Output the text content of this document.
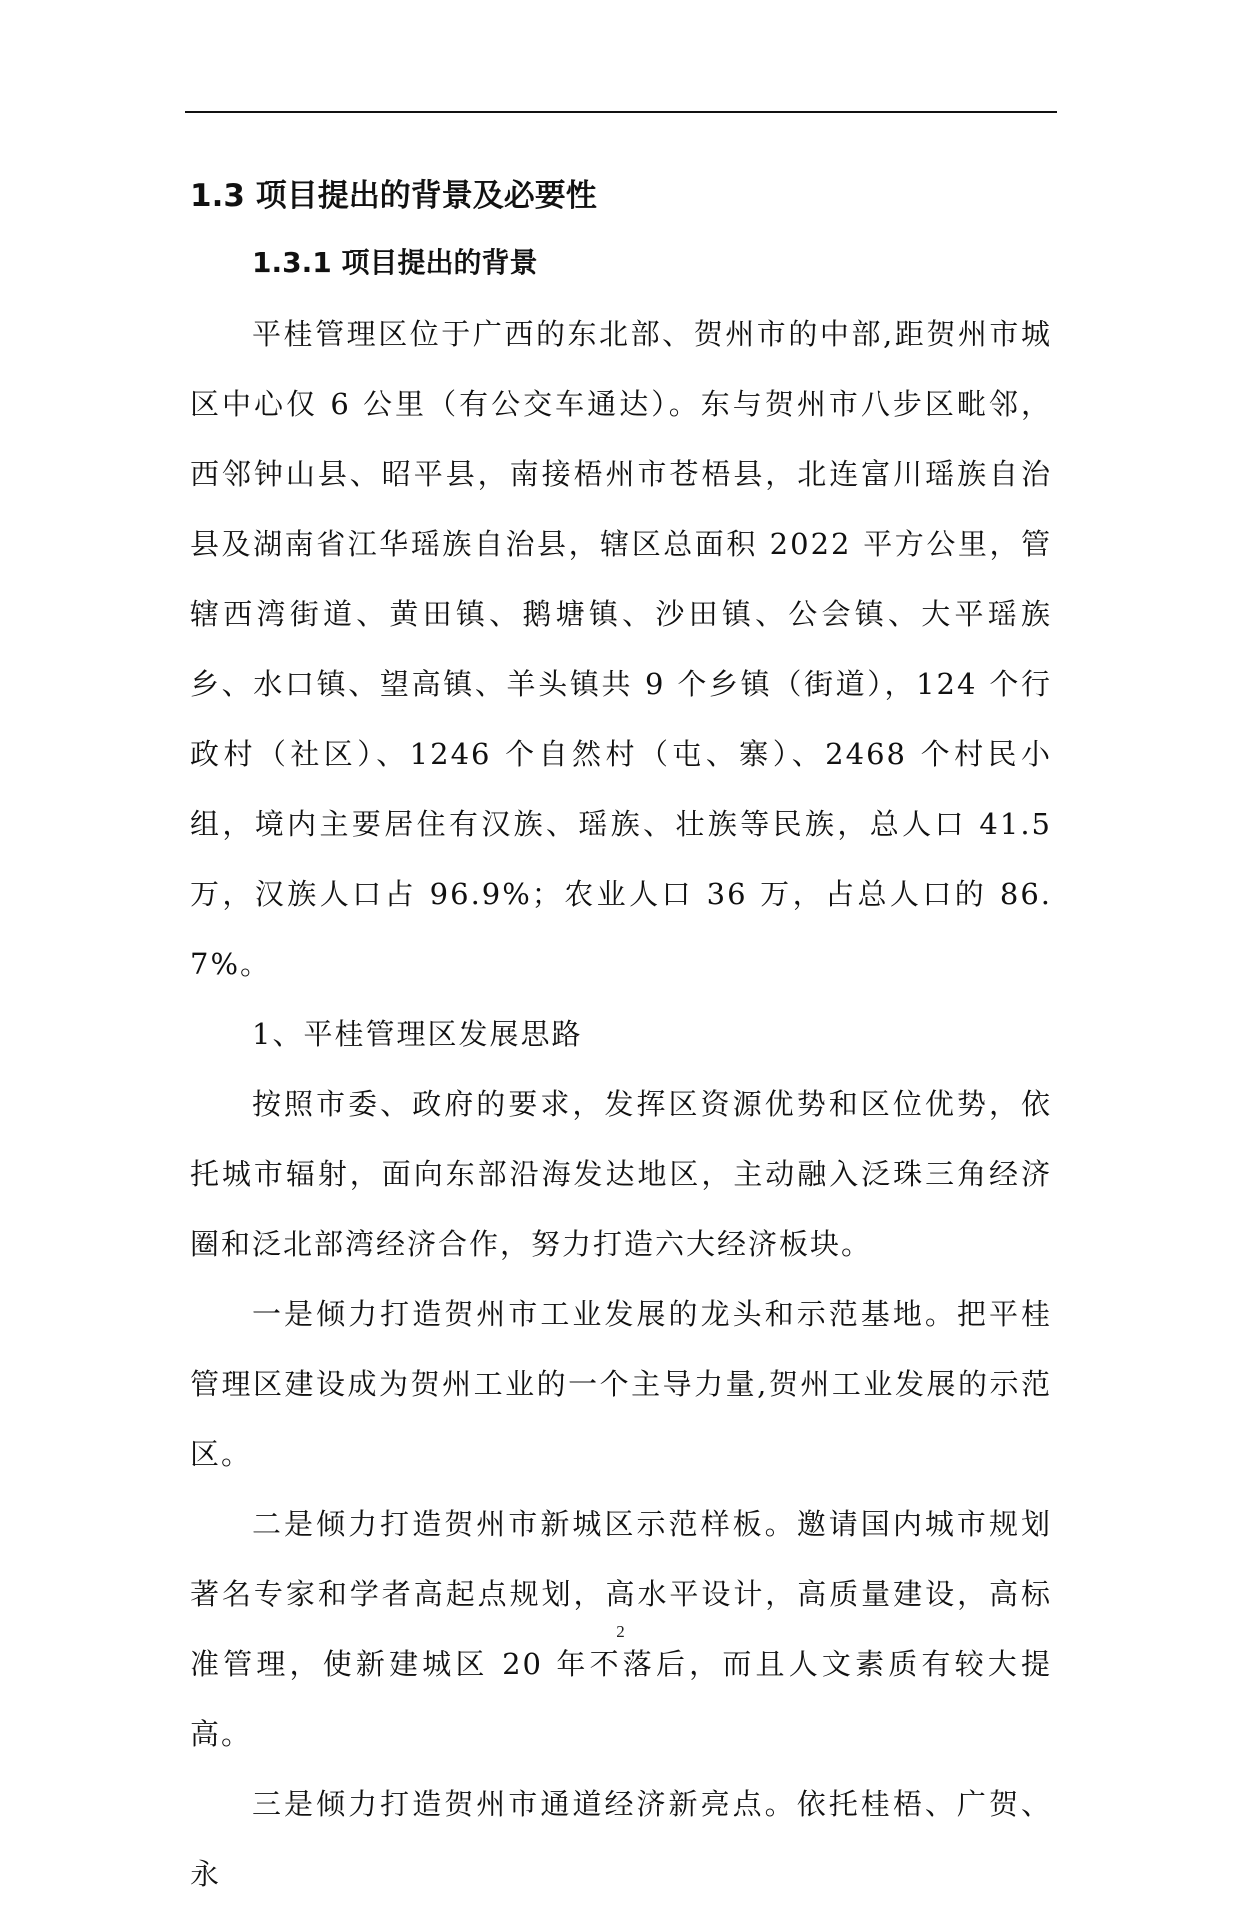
1.3 项目提出的背景及必要性
1.3.1 项目提出的背景

平桂管理区位于广西的东北部、贺州市的中部,距贺州市城区中心仅 6 公里（有公交车通达）。东与贺州市八步区毗邻，西邻钟山县、昭平县，南接梧州市苍梧县，北连富川瑶族自治县及湖南省江华瑶族自治县，辖区总面积 2022 平方公里，管辖西湾街道、黄田镇、鹅塘镇、沙田镇、公会镇、大平瑶族乡、水口镇、望高镇、羊头镇共 9 个乡镇（街道），124 个行政村（社区）、1246 个自然村（屯、寨）、2468 个村民小组，境内主要居住有汉族、瑶族、壮族等民族，总人口 41.5 万，汉族人口占 96.9%；农业人口 36 万，占总人口的 86.7%。

1、平桂管理区发展思路

按照市委、政府的要求，发挥区资源优势和区位优势，依托城市辐射，面向东部沿海发达地区，主动融入泛珠三角经济圈和泛北部湾经济合作，努力打造六大经济板块。

一是倾力打造贺州市工业发展的龙头和示范基地。把平桂管理区建设成为贺州工业的一个主导力量,贺州工业发展的示范区。

二是倾力打造贺州市新城区示范样板。邀请国内城市规划著名专家和学者高起点规划，高水平设计，高质量建设，高标准管理，使新建城区 20 年不落后，而且人文素质有较大提高。

三是倾力打造贺州市通道经济新亮点。依托桂梧、广贺、永

2
